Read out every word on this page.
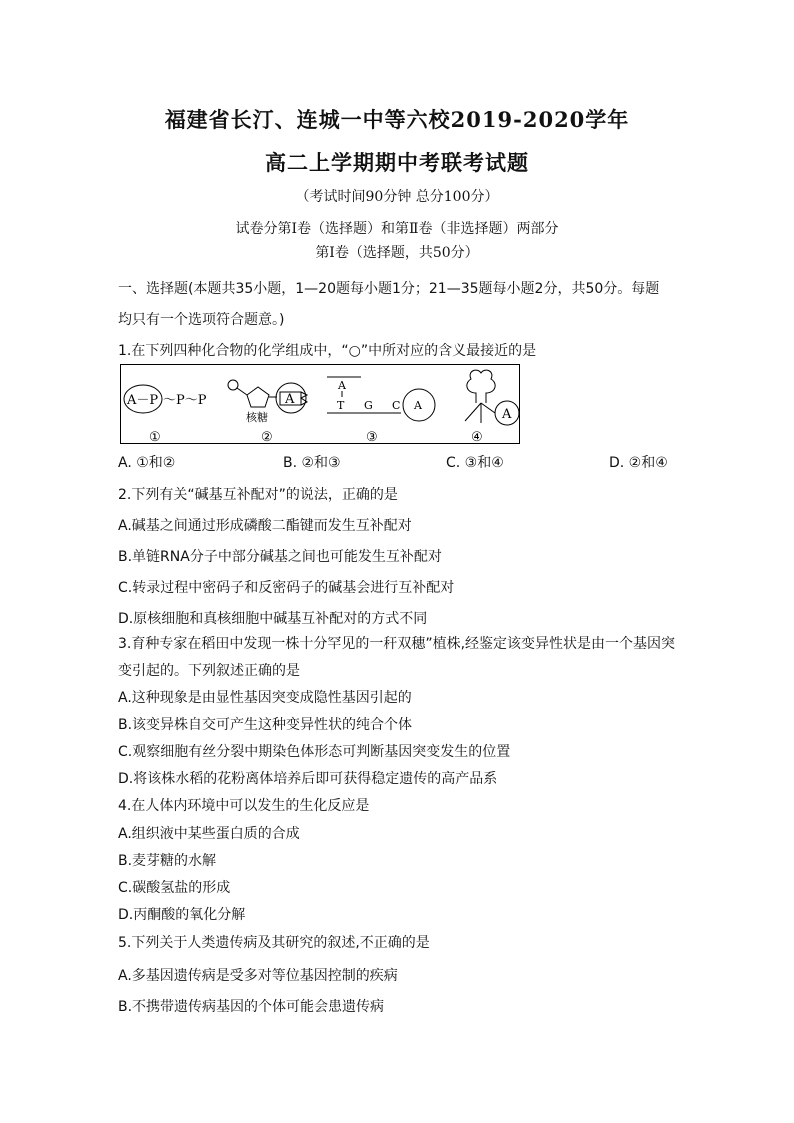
福建省长汀、连城一中等六校2019-2020学年
高二上学期期中考联考试题
（考试时间90分钟 总分100分）
试卷分第Ⅰ卷（选择题）和第Ⅱ卷（非选择题）两部分
第Ⅰ卷（选择题，共50分）
一、选择题(本题共35小题，1—20题每小题1分；21—35题每小题2分，共50分。每题
均只有一个选项符合题意。)
1.在下列四种化合物的化学组成中，“○”中所对应的含义最接近的是
A－P ～P～P
①
A
核糖
②
A
T G C A
③
A
④
A. ①和②	B. ②和③	C. ③和④	D. ②和④
2.下列有关“碱基互补配对”的说法，正确的是
A.碱基之间通过形成磷酸二酯键而发生互补配对
B.单链RNA分子中部分碱基之间也可能发生互补配对
C.转录过程中密码子和反密码子的碱基会进行互补配对
D.原核细胞和真核细胞中碱基互补配对的方式不同
3.育种专家在稻田中发现一株十分罕见的一秆双穗”植株,经鉴定该变异性状是由一个基因突
变引起的。下列叙述正确的是
A.这种现象是由显性基因突变成隐性基因引起的
B.该变异株自交可产生这种变异性状的纯合个体
C.观察细胞有丝分裂中期染色体形态可判断基因突变发生的位置
D.将该株水稻的花粉离体培养后即可获得稳定遗传的高产品系
4.在人体内环境中可以发生的生化反应是
A.组织液中某些蛋白质的合成
B.麦芽糖的水解
C.碳酸氢盐的形成
D.丙酮酸的氧化分解
5.下列关于人类遗传病及其研究的叙述,不正确的是
A.多基因遗传病是受多对等位基因控制的疾病
B.不携带遗传病基因的个体可能会患遗传病
